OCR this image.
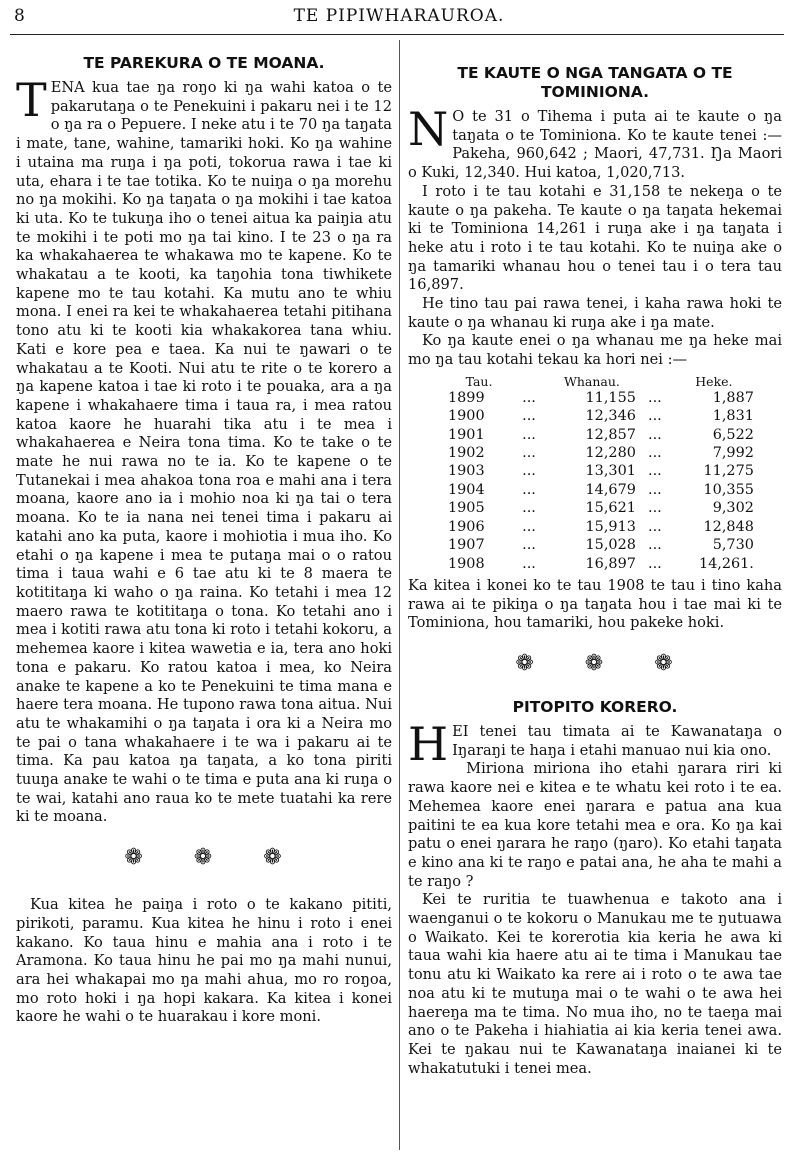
8	TE PIPIWHARAUROA.
TE PAREKURA O TE MOANA.

TENA kua tae ŋa roŋo ki ŋa wahi katoa o te pakarutaŋa o te Penekuini i pakaru nei i te 12 o ŋa ra o Pepuere. I neke atu i te 70 ŋa taŋata i mate, tane, wahine, tamariki hoki. Ko ŋa wahine i utaina ma ruŋa i ŋa poti, tokorua rawa i tae ki uta, ehara i te tae totika. Ko te nuiŋa o ŋa morehu no ŋa mokihi. Ko ŋa taŋata o ŋa mokihi i tae katoa ki uta. Ko te tukuŋa iho o tenei aitua ka paiŋia atu te mokihi i te poti mo ŋa tai kino. I te 23 o ŋa ra ka whakahaerea te whakawa mo te kapene. Ko te whakatau a te kooti, ka taŋohia tona tiwhikete kapene mo te tau kotahi. Ka mutu ano te whiu mona. I enei ra kei te whakahaerea tetahi pitihana tono atu ki te kooti kia whakakorea tana whiu. Kati e kore pea e taea. Ka nui te ŋawari o te whakatau a te Kooti. Nui atu te rite o te korero a ŋa kapene katoa i tae ki roto i te pouaka, ara a ŋa kapene i whakahaere tima i taua ra, i mea ratou katoa kaore he huarahi tika atu i te mea i whakahaerea e Neira tona tima. Ko te take o te mate he nui rawa no te ia. Ko te kapene o te Tutanekai i mea ahakoa tona roa e mahi ana i tera moana, kaore ano ia i mohio noa ki ŋa tai o tera moana. Ko te ia nana nei tenei tima i pakaru ai katahi ano ka puta, kaore i mohiotia i mua iho. Ko etahi o ŋa kapene i mea te putaŋa mai o o ratou tima i taua wahi e 6 tae atu ki te 8 maera te kotititaŋa ki waho o ŋa raina. Ko tetahi i mea 12 maero rawa te kotititaŋa o tona. Ko tetahi ano i mea i kotiti rawa atu tona ki roto i tetahi kokoru, a mehemea kaore i kitea wawetia e ia, tera ano hoki tona e pakaru. Ko ratou katoa i mea, ko Neira anake te kapene a ko te Penekuini te tima mana e haere tera moana. He tupono rawa tona aitua. Nui atu te whakamihi o ŋa taŋata i ora ki a Neira mo te pai o tana whakahaere i te wa i pakaru ai te tima. Ka pau katoa ŋa taŋata, a ko tona piriti tuuŋa anake te wahi o te tima e puta ana ki ruŋa o te wai, katahi ano raua ko te mete tuatahi ka rere ki te moana.

❁ ❁ ❁

Kua kitea he paiŋa i roto o te kakano pititi, pirikoti, paramu. Kua kitea he hinu i roto i enei kakano. Ko taua hinu e mahia ana i roto i te Aramona. Ko taua hinu he pai mo ŋa mahi nunui, ara hei whakapai mo ŋa mahi ahua, mo ro roŋoa, mo roto hoki i ŋa hopi kakara. Ka kitea i konei kaore he wahi o te huarakau i kore moni.

TE KAUTE O NGA TANGATA O TE TOMINIONA.

N O te 31 o Tihema i puta ai te kaute o ŋa taŋata o te Tominiona. Ko te kaute tenei :—Pakeha, 960,642 ; Maori, 47,731. Ŋa Maori o Kuki, 12,340. Hui katoa, 1,020,713.

I roto i te tau kotahi e 31,158 te nekeŋa o te kaute o ŋa pakeha. Te kaute o ŋa taŋata hekemai ki te Tominiona 14,261 i ruŋa ake i ŋa taŋata i heke atu i roto i te tau kotahi. Ko te nuiŋa ake o ŋa tamariki whanau hou o tenei tau i o tera tau 16,897.

He tino tau pai rawa tenei, i kaha rawa hoki te kaute o ŋa whanau ki ruŋa ake i ŋa mate.

Ko ŋa kaute enei o ŋa whanau me ŋa heke mai mo ŋa tau kotahi tekau ka hori nei :—

Tau.		Whanau.		Heke.
1899	...	11,155	...	1,887
1900	...	12,346	...	1,831
1901	...	12,857	...	6,522
1902	...	12,280	...	7,992
1903	...	13,301	...	11,275
1904	...	14,679	...	10,355
1905	...	15,621	...	9,302
1906	...	15,913	...	12,848
1907	...	15,028	...	5,730
1908	...	16,897	...	14,261.

Ka kitea i konei ko te tau 1908 te tau i tino kaha rawa ai te pikiŋa o ŋa taŋata hou i tae mai ki te Tominiona, hou tamariki, hou pakeke hoki.

❁ ❁ ❁
PITOPITO KORERO.

HEI tenei tau timata ai te Kawanataŋa o Iŋaraŋi te haŋa i etahi manuao nui kia ono.

Miriona miriona iho etahi ŋarara riri ki rawa kaore nei e kitea e te whatu kei roto i te ea. Mehemea kaore enei ŋarara e patua ana kua paitini te ea kua kore tetahi mea e ora. Ko ŋa kai patu o enei ŋarara he raŋo (ŋaro). Ko etahi taŋata e kino ana ki te raŋo e patai ana, he aha te mahi a te raŋo ?

Kei te ruritia te tuawhenua e takoto ana i waenganui o te kokoru o Manukau me te ŋutuawa o Waikato. Kei te korerotia kia keria he awa ki taua wahi kia haere atu ai te tima i Manukau tae tonu atu ki Waikato ka rere ai i roto o te awa tae noa atu ki te mutuŋa mai o te wahi o te awa hei haereŋa ma te tima. No mua iho, no te taeŋa mai ano o te Pakeha i hiahiatia ai kia keria tenei awa. Kei te ŋakau nui te Kawanataŋa inaianei ki te whakatutuki i tenei mea.
